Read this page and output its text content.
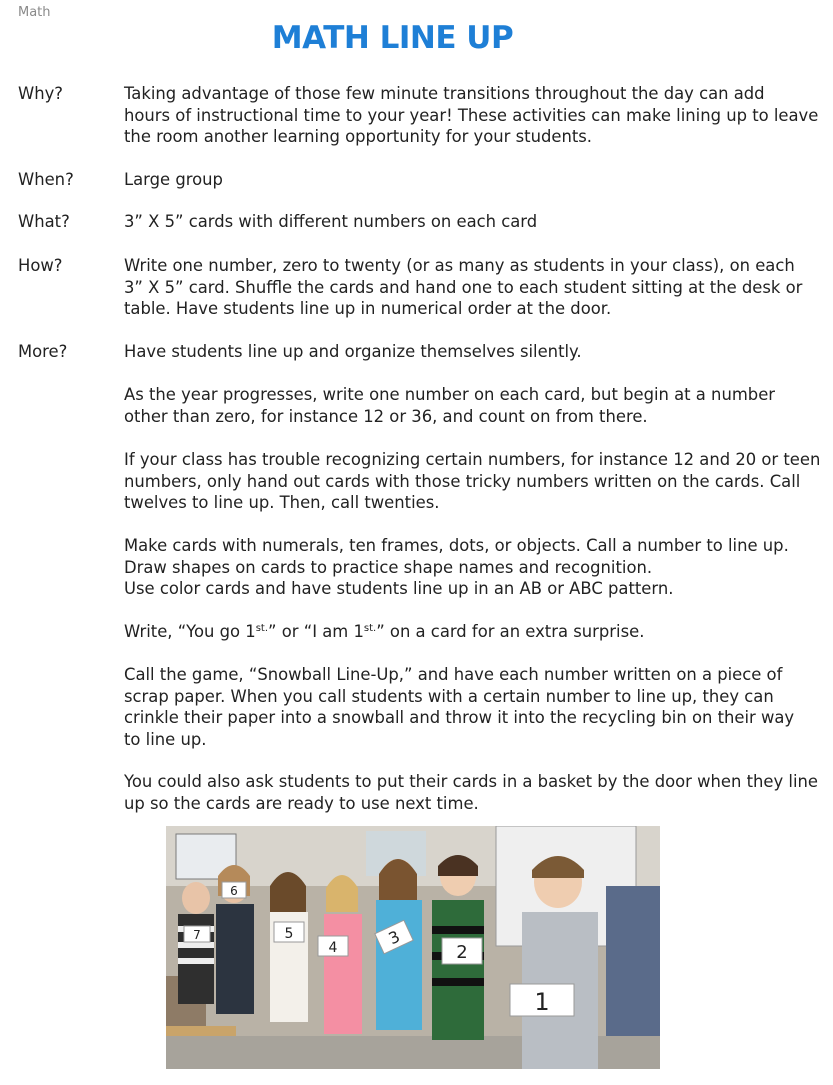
Math
MATH LINE UP
Why?	Taking advantage of those few minute transitions throughout the day can add
hours of instructional time to your year! These activities can make lining up to leave
the room another learning opportunity for your students.
When?	Large group
What?	3” X 5” cards with different numbers on each card
How?	Write one number, zero to twenty (or as many as students in your class), on each
3” X 5” card. Shuffle the cards and hand one to each student sitting at the desk or
table. Have students line up in numerical order at the door.
More?	Have students line up and organize themselves silently.
As the year progresses, write one number on each card, but begin at a number
other than zero, for instance 12 or 36, and count on from there.
If your class has trouble recognizing certain numbers, for instance 12 and 20 or teen
numbers, only hand out cards with those tricky numbers written on the cards. Call
twelves to line up. Then, call twenties.
Make cards with numerals, ten frames, dots, or objects. Call a number to line up.
Draw shapes on cards to practice shape names and recognition.
Use color cards and have students line up in an AB or ABC pattern.
Write, “You go $1^{st.}$” or “I am $1^{st.}$” on a card for an extra surprise.
Call the game, “Snowball Line-Up,” and have each number written on a piece of
scrap paper. When you call students with a certain number to line up, they can
crinkle their paper into a snowball and throw it into the recycling bin on their way
to line up.
You could also ask students to put their cards in a basket by the door when they line
up so the cards are ready to use next time.
7
6
5
4	3
2
1
